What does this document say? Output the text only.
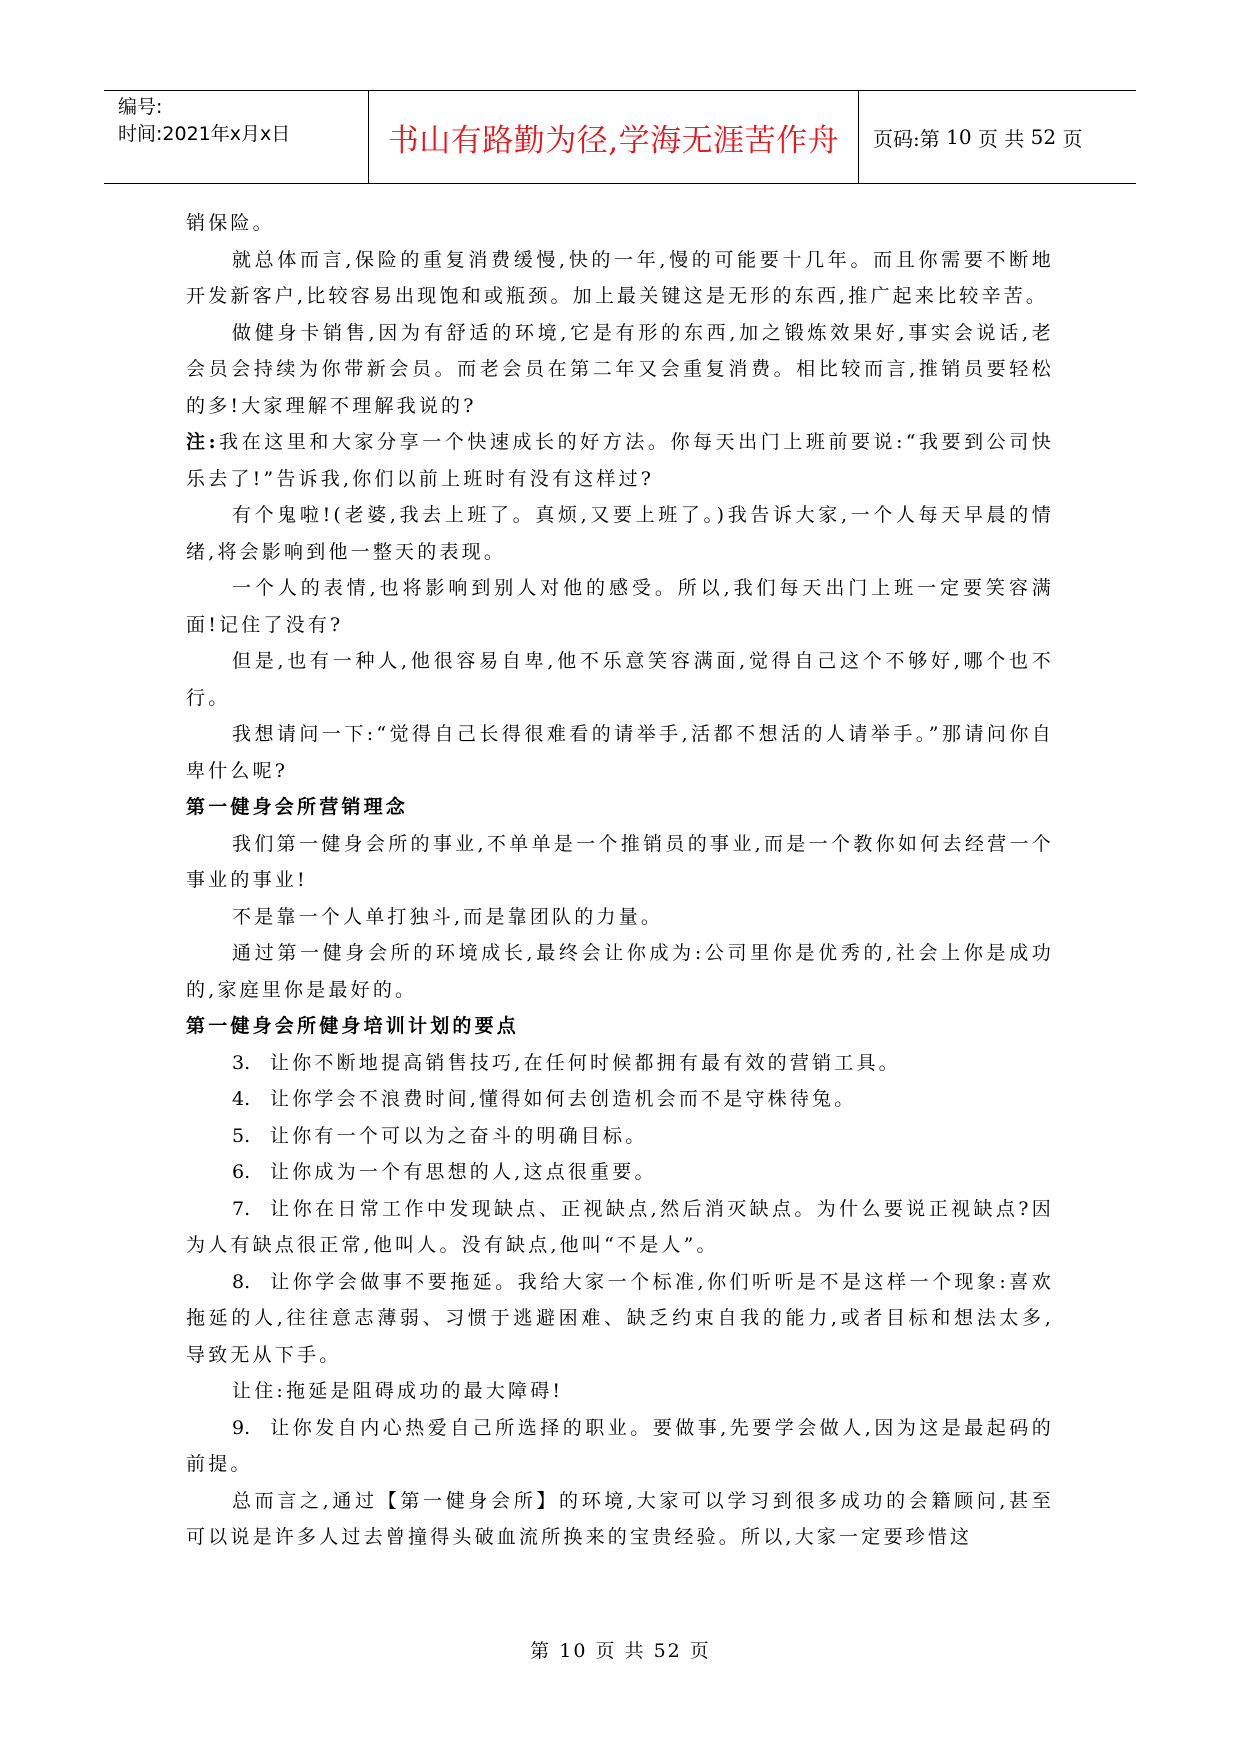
编号:
时间:2021年x月x日	书山有路勤为径,学海无涯苦作舟 页码:第
10
页 共
52
页

销保险。

就总体而言,保险的重复消费缓慢,快的一年,慢的可能要十几年。而且你需要不断地开发新客户,比较容易出现饱和或瓶颈。加上最关键这是无形的东西,推广起来比较辛苦。

做健身卡销售,因为有舒适的环境,它是有形的东西,加之锻炼效果好,事实会说话,老会员会持续为你带新会员。而老会员在第二年又会重复消费。相比较而言,推销员要轻松的多!大家理解不理解我说的?

注:我在这里和大家分享一个快速成长的好方法。你每天出门上班前要说:“我要到公司快乐去了!”告诉我,你们以前上班时有没有这样过?

有个鬼啦!(老婆,我去上班了。真烦,又要上班了。)我告诉大家,一个人每天早晨的情绪,将会影响到他一整天的表现。

一个人的表情,也将影响到别人对他的感受。所以,我们每天出门上班一定要笑容满面!记住了没有?

但是,也有一种人,他很容易自卑,他不乐意笑容满面,觉得自己这个不够好,哪个也不行。

我想请问一下:“觉得自己长得很难看的请举手,活都不想活的人请举手。”那请问你自卑什么呢?

第一健身会所营销理念

我们第一健身会所的事业,不单单是一个推销员的事业,而是一个教你如何去经营一个事业的事业!

不是靠一个人单打独斗,而是靠团队的力量。

通过第一健身会所的环境成长,最终会让你成为:公司里你是优秀的,社会上你是成功的,家庭里你是最好的。

第一健身会所健身培训计划的要点

3. 让你不断地提高销售技巧,在任何时候都拥有最有效的营销工具。

4. 让你学会不浪费时间,懂得如何去创造机会而不是守株待兔。

5. 让你有一个可以为之奋斗的明确目标。

6. 让你成为一个有思想的人,这点很重要。

7. 让你在日常工作中发现缺点、正视缺点,然后消灭缺点。为什么要说正视缺点?因为人有缺点很正常,他叫人。没有缺点,他叫“不是人”。

8. 让你学会做事不要拖延。我给大家一个标准,你们听听是不是这样一个现象:喜欢拖延的人,往往意志薄弱、习惯于逃避困难、缺乏约束自我的能力,或者目标和想法太多,导致无从下手。

让住:拖延是阻碍成功的最大障碍!

9. 让你发自内心热爱自己所选择的职业。要做事,先要学会做人,因为这是最起码的前提。

总而言之,通过【第一健身会所】的环境,大家可以学习到很多成功的会籍顾问,甚至可以说是许多人过去曾撞得头破血流所换来的宝贵经验。所以,大家一定要珍惜这

第 10 页 共 52 页
